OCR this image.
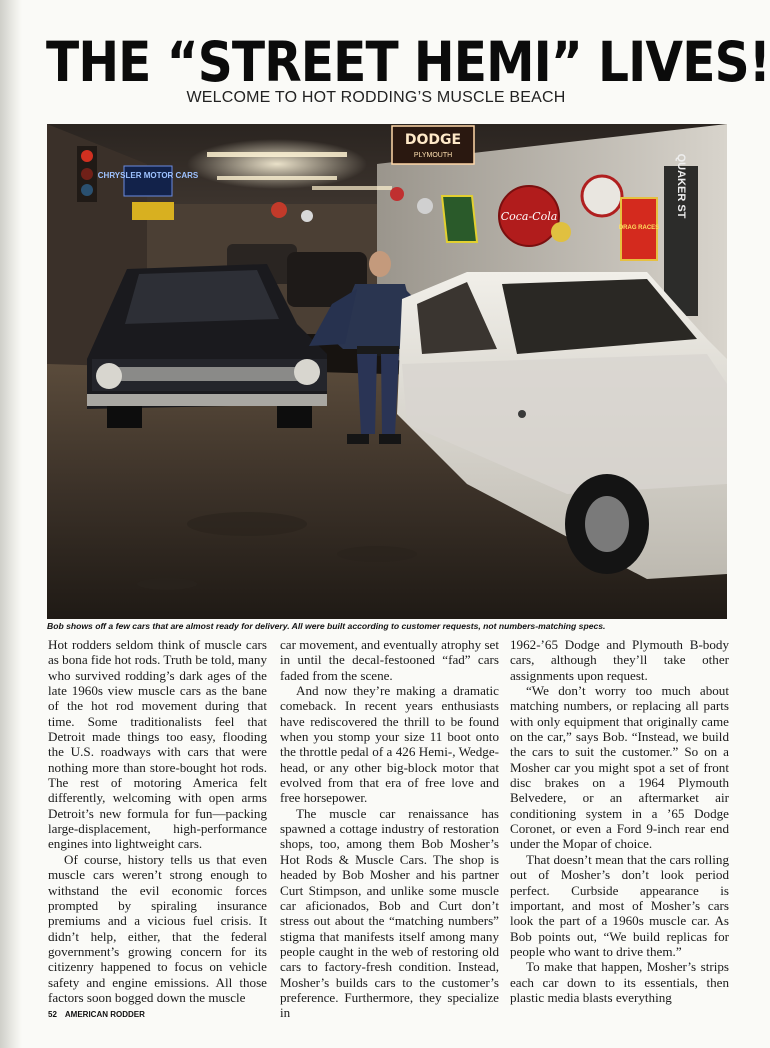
THE “STREET HEMI” LIVES!
WELCOME TO HOT RODDING’S MUSCLE BEACH
CHRYSLER MOTOR CARS
DODGE
PLYMOUTH
Coca-Cola
DRAG RACES
QUAKER ST
Bob shows off a few cars that are almost ready for delivery. All were built according to customer requests, not numbers-matching specs.

Hot rodders seldom think of muscle cars as bona fide hot rods. Truth be told, many who survived rodding’s dark ages of the late 1960s view muscle cars as the bane of the hot rod movement during that time. Some traditionalists feel that Detroit made things too easy, flooding the U.S. roadways with cars that were nothing more than store-bought hot rods. The rest of motoring America felt differently, welcoming with open arms Detroit’s new formula for fun—packing large-displacement, high-performance engines into lightweight cars.

Of course, history tells us that even muscle cars weren’t strong enough to withstand the evil economic forces prompted by spiraling insurance premiums and a vicious fuel crisis. It didn’t help, either, that the federal government’s growing concern for its citizenry happened to focus on vehicle safety and engine emissions. All those factors soon bogged down the muscle

car movement, and eventually atrophy set in until the decal-festooned “fad” cars faded from the scene.

And now they’re making a dramatic comeback. In recent years enthusiasts have rediscovered the thrill to be found when you stomp your size 11 boot onto the throttle pedal of a 426 Hemi-, Wedge-head, or any other big-block motor that evolved from that era of free love and free horsepower.

The muscle car renaissance has spawned a cottage industry of restoration shops, too, among them Bob Mosher’s Hot Rods & Muscle Cars. The shop is headed by Bob Mosher and his partner Curt Stimpson, and unlike some muscle car aficionados, Bob and Curt don’t stress out about the “matching numbers” stigma that manifests itself among many people caught in the web of restoring old cars to factory-fresh condition. Instead, Mosher’s builds cars to the customer’s preference. Furthermore, they specialize in

1962-’65 Dodge and Plymouth B-body cars, although they’ll take other assignments upon request.

“We don’t worry too much about matching numbers, or replacing all parts with only equipment that originally came on the car,” says Bob. “Instead, we build the cars to suit the customer.” So on a Mosher car you might spot a set of front disc brakes on a 1964 Plymouth Belvedere, or an aftermarket air conditioning system in a ’65 Dodge Coronet, or even a Ford 9-inch rear end under the Mopar of choice.

That doesn’t mean that the cars rolling out of Mosher’s don’t look period perfect. Curbside appearance is important, and most of Mosher’s cars look the part of a 1960s muscle car. As Bob points out, “We build replicas for people who want to drive them.”

To make that happen, Mosher’s strips each car down to its essentials, then plastic media blasts everything

52 AMERICAN RODDER
